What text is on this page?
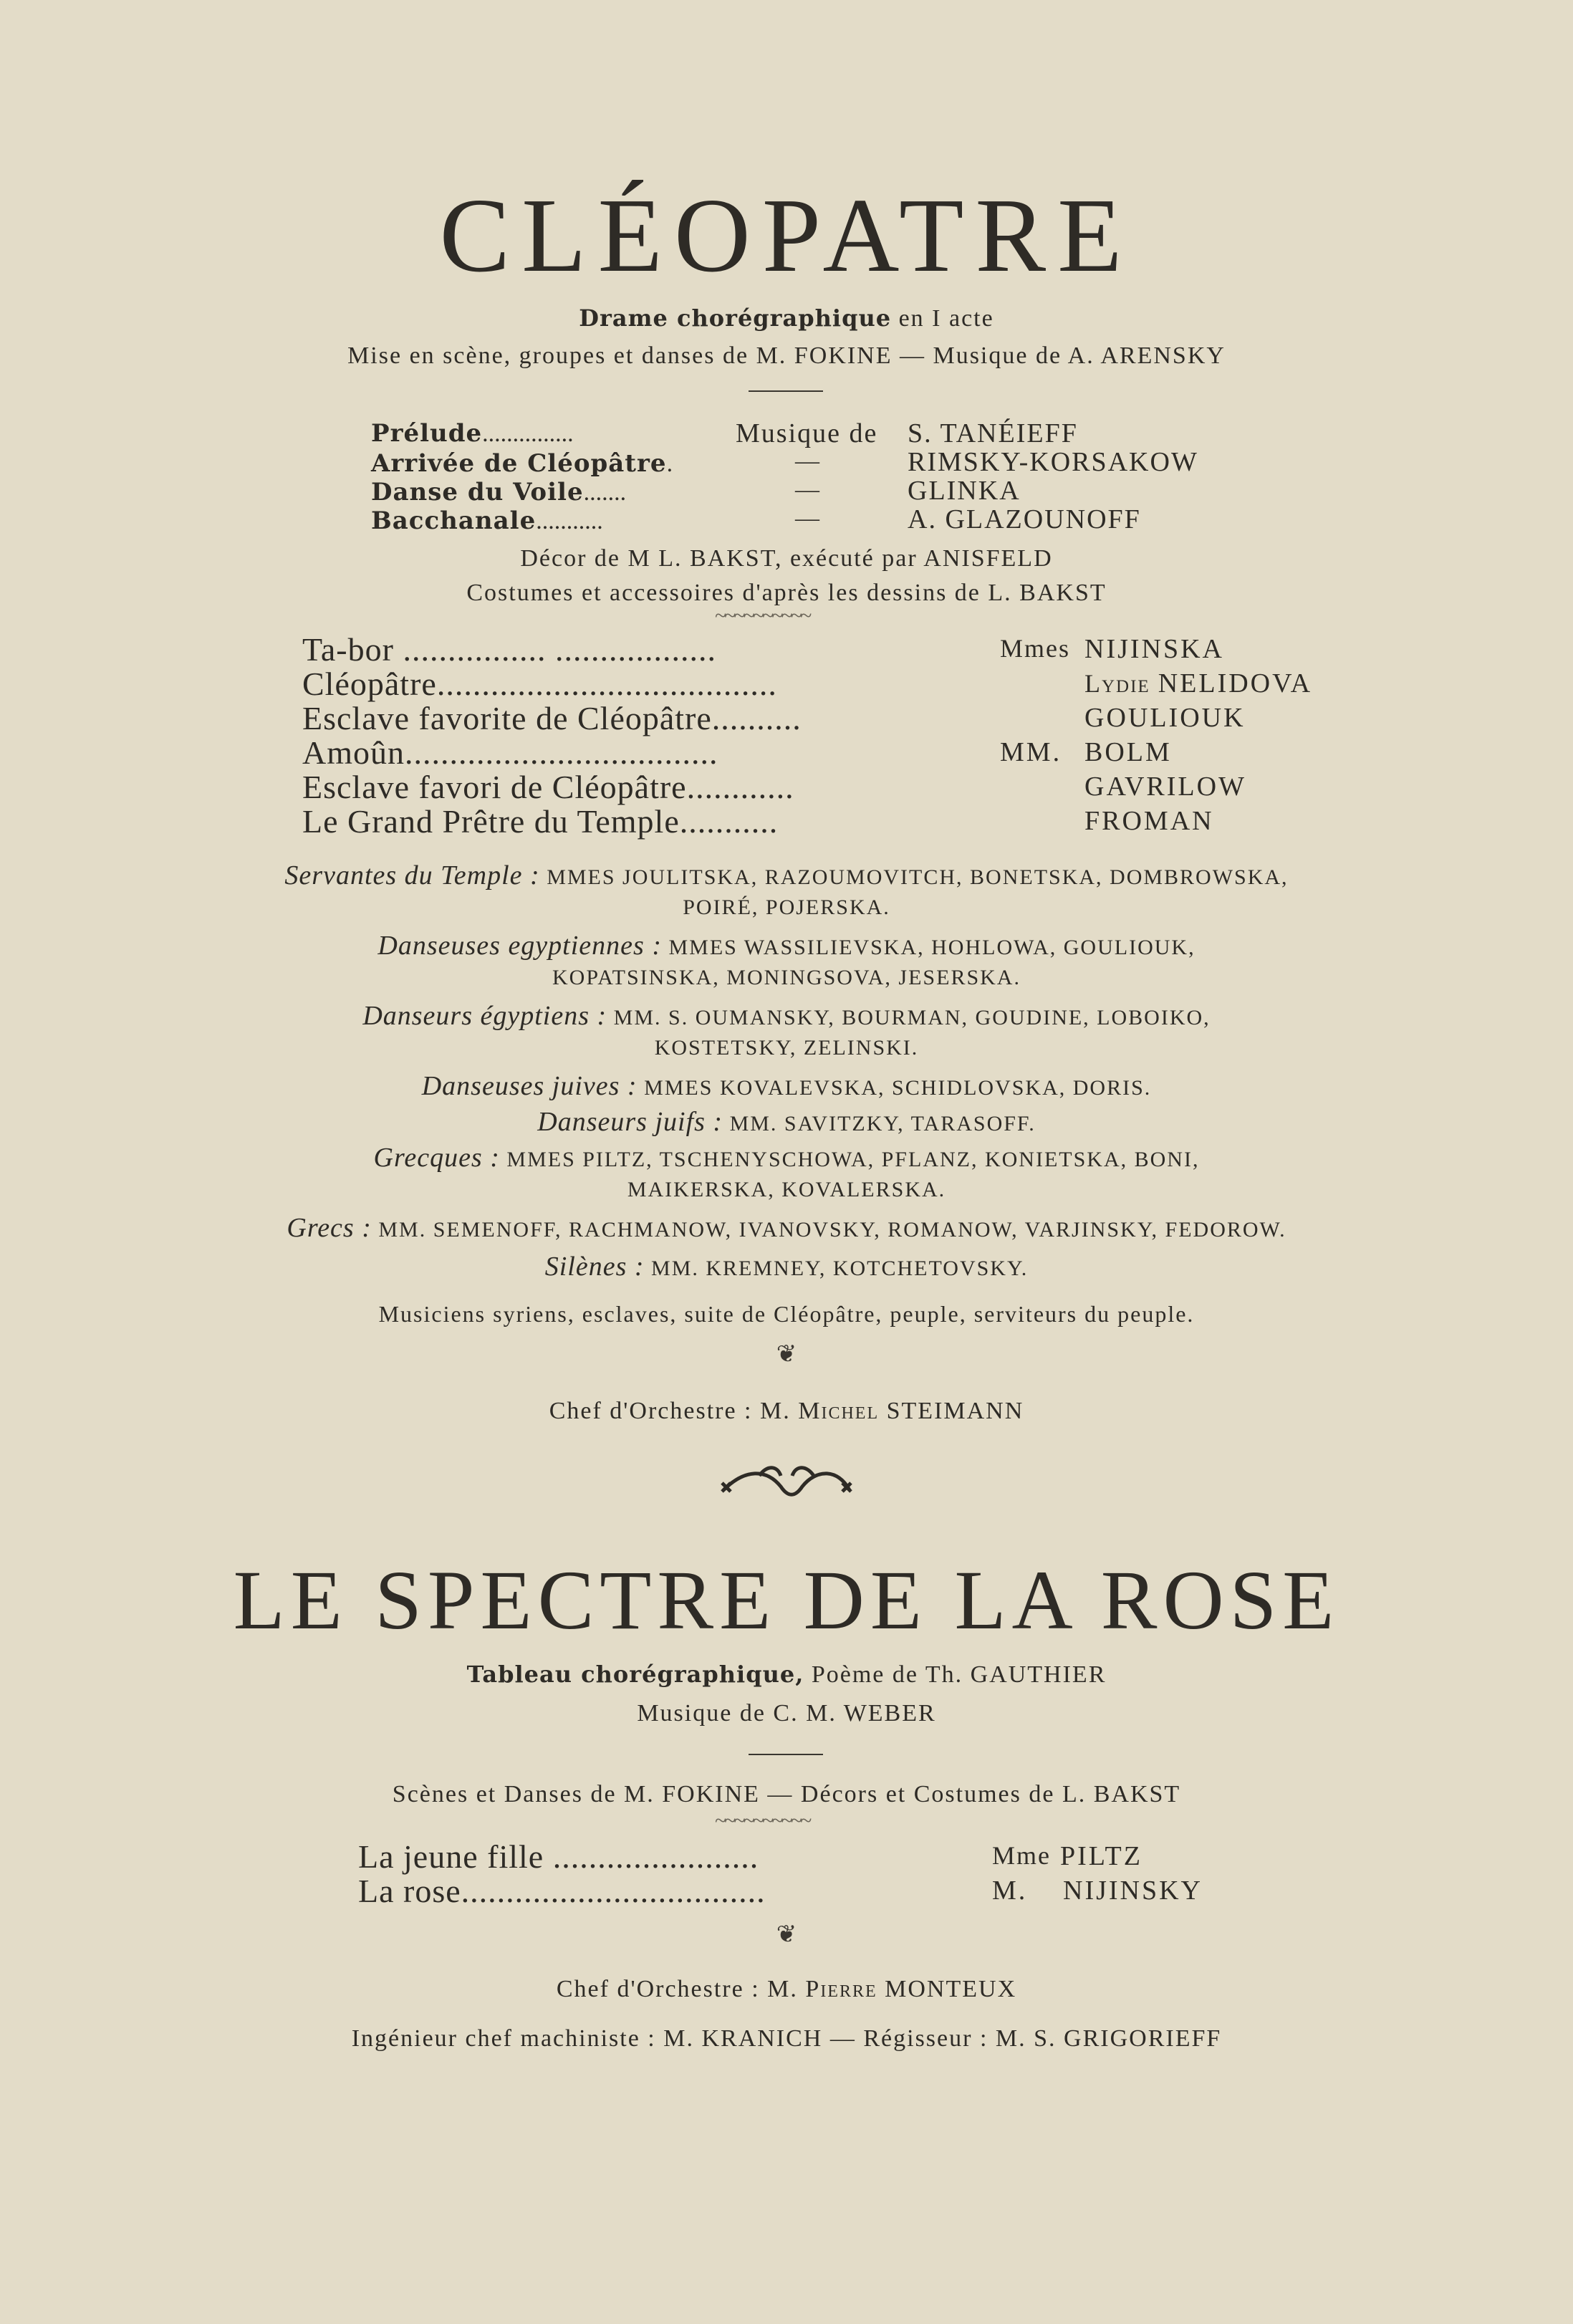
CLÉOPATRE
Drame chorégraphique en I acte
Mise en scène, groupes et danses de M. FOKINE — Musique de A. ARENSKY
Prélude...............	Musique de S. TANÉIEFF
Arrivée de Cléopâtre.	—	RIMSKY-KORSAKOW
Danse du Voile.......	—	GLINKA
Bacchanale...........	—	A. GLAZOUNOFF
Décor de M L. BAKST, exécuté par ANISFELD
Costumes et accessoires d'après les dessins de L. BAKST
~~~~~~~~~~
Ta-bor ................ ..................	Mmes NIJINSKA
Cléopâtre......................................	Lydie NELIDOVA
Esclave favorite de Cléopâtre..........	GOULIOUK
Amoûn...................................	MM. BOLM
Esclave favori de Cléopâtre............	GAVRILOW
Le Grand Prêtre du Temple...........	FROMAN
Servantes du Temple : MMES JOULITSKA, RAZOUMOVITCH, BONETSKA, DOMBROWSKA,
POIRÉ, POJERSKA.
Danseuses egyptiennes : MMES WASSILIEVSKA, HOHLOWA, GOULIOUK,
KOPATSINSKA, MONINGSOVA, JESERSKA.
Danseurs égyptiens : MM. S. OUMANSKY, BOURMAN, GOUDINE, LOBOIKO,
KOSTETSKY, ZELINSKI.
Danseuses juives : MMES KOVALEVSKA, SCHIDLOVSKA, DORIS.
Danseurs juifs : MM. SAVITZKY, TARASOFF.
Grecques : MMES PILTZ, TSCHENYSCHOWA, PFLANZ, KONIETSKA, BONI,
MAIKERSKA, KOVALERSKA.
Grecs : MM. SEMENOFF, RACHMANOW, IVANOVSKY, ROMANOW, VARJINSKY, FEDOROW.
Silènes : MM. KREMNEY, KOTCHETOVSKY.
Musiciens syriens, esclaves, suite de Cléopâtre, peuple, serviteurs du peuple.
❦
Chef d'Orchestre : M. Michel STEIMANN
LE SPECTRE DE LA ROSE
Tableau chorégraphique, Poème de Th. GAUTHIER
Musique de C. M. WEBER
Scènes et Danses de M. FOKINE — Décors et Costumes de L. BAKST
~~~~~~~~~~
La jeune fille .......................	Mme PILTZ
La rose..................................	M. NIJINSKY
❦
Chef d'Orchestre : M. Pierre MONTEUX
Ingénieur chef machiniste : M. KRANICH — Régisseur : M. S. GRIGORIEFF
